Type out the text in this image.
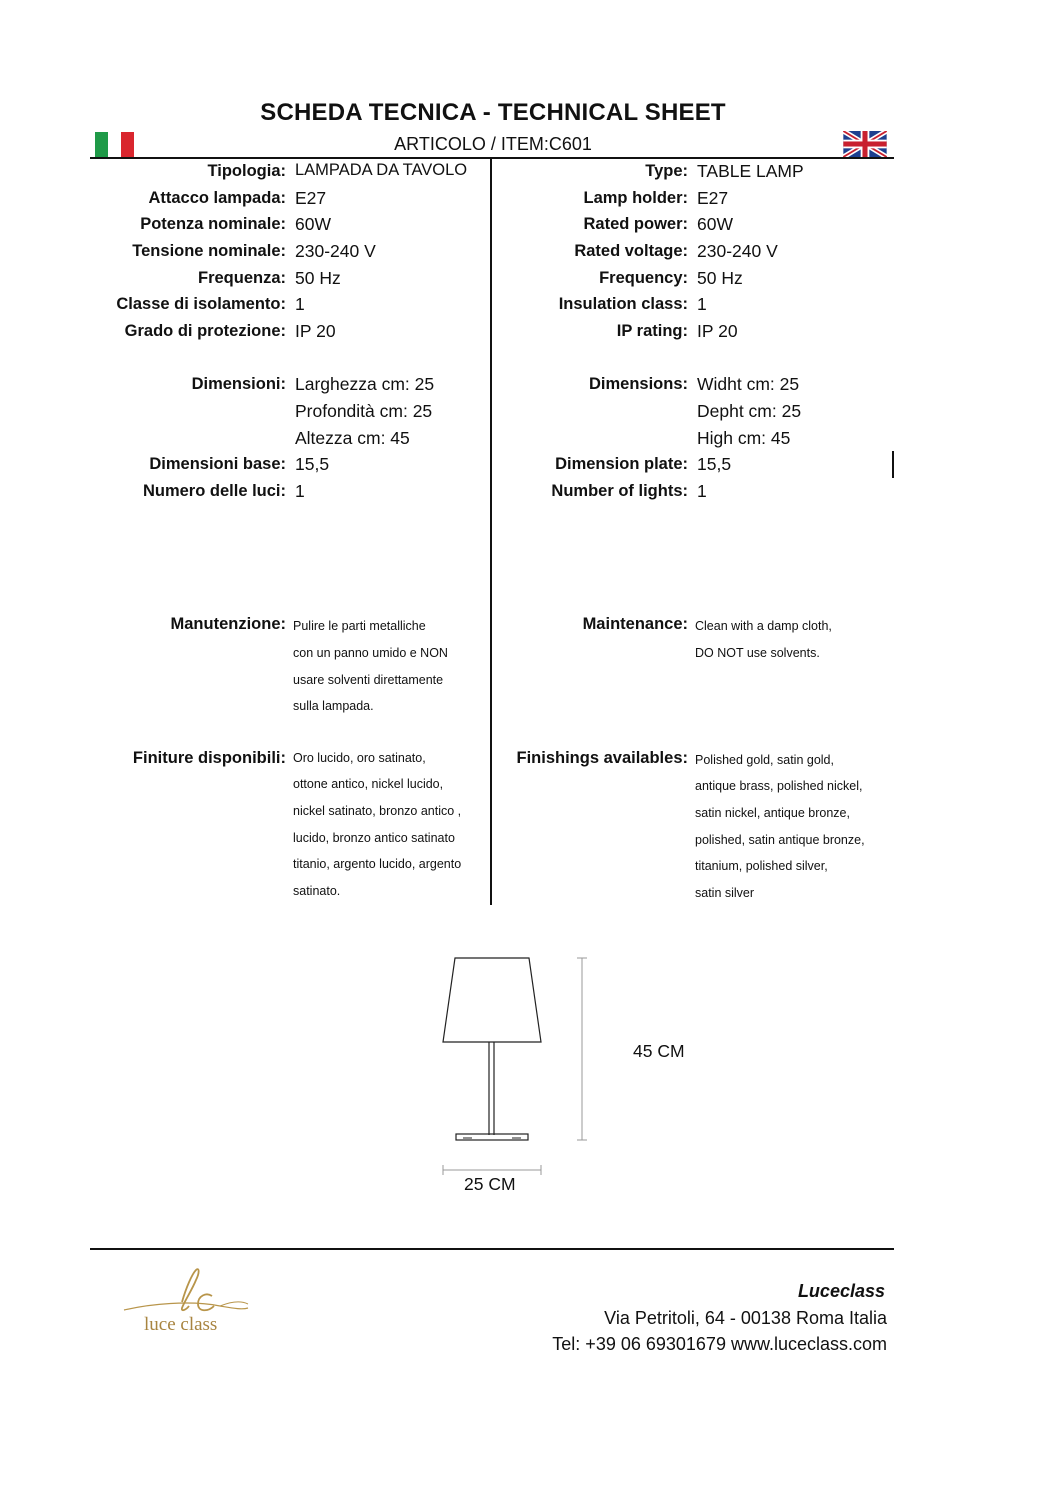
SCHEDA TECNICA - TECHNICAL SHEET
ARTICOLO / ITEM:C601
Tipologia: LAMPADA DA TAVOLO
Attacco lampada: E27
Potenza nominale: 60W
Tensione nominale: 230-240 V
Frequenza: 50 Hz
Classe di isolamento: 1
Grado di protezione: IP 20
Dimensioni: Larghezza cm: 25
Profondità cm: 25
Altezza cm: 45
Dimensioni base: 15,5
Numero delle luci: 1
Manutenzione: Pulire le parti metalliche
con un panno umido e NON
usare solventi direttamente
sulla lampada.
Finiture disponibili: Oro lucido, oro satinato,
ottone antico, nickel lucido,
nickel satinato, bronzo antico ,
lucido, bronzo antico satinato
titanio, argento lucido, argento
satinato.
Type: TABLE LAMP
Lamp holder: E27
Rated power: 60W
Rated voltage: 230-240 V
Frequency: 50 Hz
Insulation class: 1
IP rating: IP 20
Dimensions: Widht cm: 25
Depht cm: 25
High cm: 45
Dimension plate: 15,5
Number of lights: 1
Maintenance: Clean with a damp cloth,
DO NOT use solvents.
Finishings availables: Polished gold, satin gold,
antique brass, polished nickel,
satin nickel, antique bronze,
polished, satin antique bronze,
titanium, polished silver,
satin silver
45 CM
25 CM
luce class
Luceclass
Via Petritoli, 64 - 00138 Roma Italia
Tel: +39 06 69301679 www.luceclass.com
